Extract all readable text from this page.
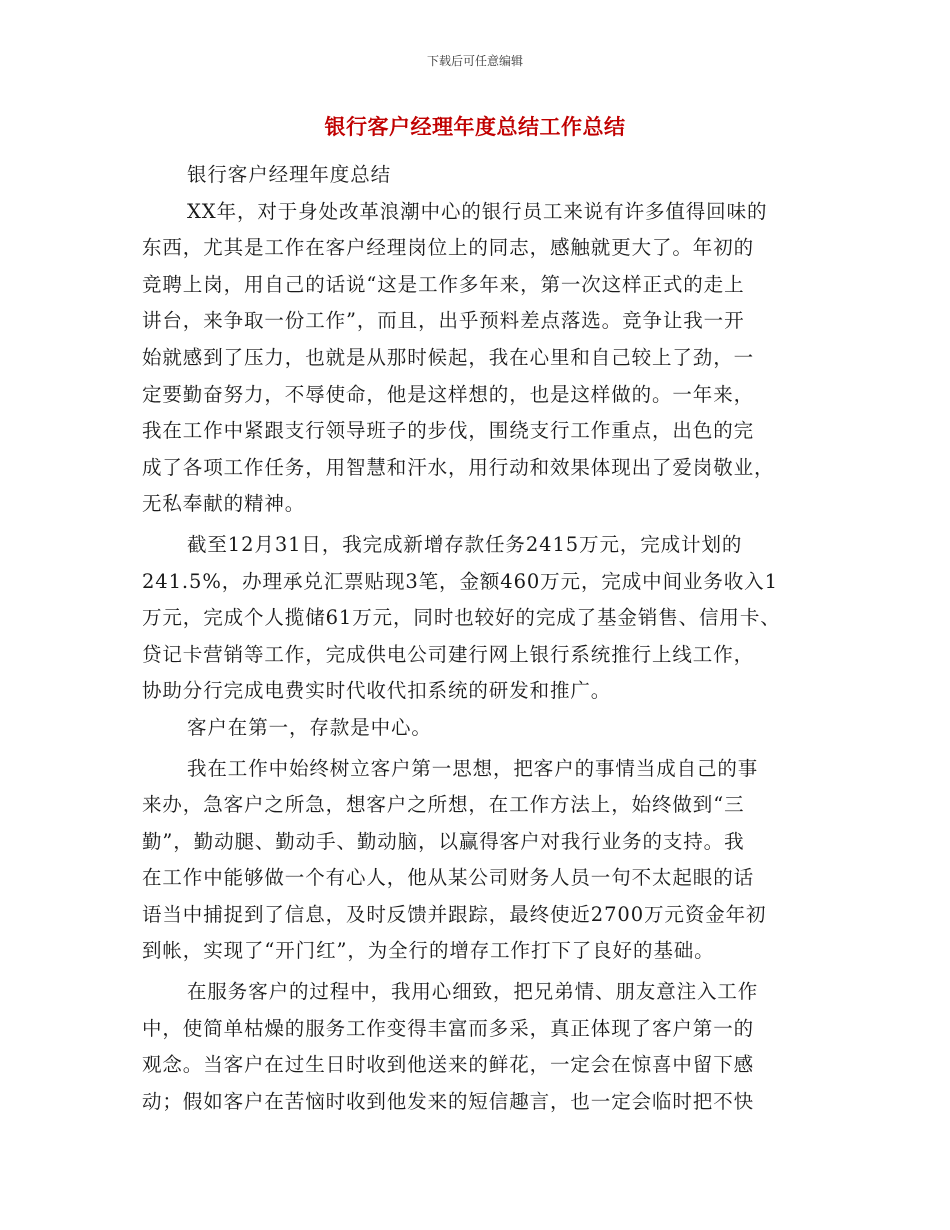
下载后可任意编辑
银行客户经理年度总结工作总结
银行客户经理年度总结
XX年，对于身处改革浪潮中心的银行员工来说有许多值得回味的
东西，尤其是工作在客户经理岗位上的同志，感触就更大了。年初的
竞聘上岗，用自己的话说“这是工作多年来，第一次这样正式的走上
讲台，来争取一份工作”，而且，出乎预料差点落选。竞争让我一开
始就感到了压力，也就是从那时候起，我在心里和自己较上了劲，一
定要勤奋努力，不辱使命，他是这样想的，也是这样做的。一年来，
我在工作中紧跟支行领导班子的步伐，围绕支行工作重点，出色的完
成了各项工作任务，用智慧和汗水，用行动和效果体现出了爱岗敬业，
无私奉献的精神。
截至12月31日，我完成新增存款任务2415万元，完成计划的
241.5%，办理承兑汇票贴现3笔，金额460万元，完成中间业务收入1
万元，完成个人揽储61万元，同时也较好的完成了基金销售、信用卡、
贷记卡营销等工作，完成供电公司建行网上银行系统推行上线工作，
协助分行完成电费实时代收代扣系统的研发和推广。
客户在第一，存款是中心。
我在工作中始终树立客户第一思想，把客户的事情当成自己的事
来办，急客户之所急，想客户之所想，在工作方法上，始终做到“三
勤”，勤动腿、勤动手、勤动脑，以赢得客户对我行业务的支持。我
在工作中能够做一个有心人，他从某公司财务人员一句不太起眼的话
语当中捕捉到了信息，及时反馈并跟踪，最终使近2700万元资金年初
到帐，实现了“开门红”，为全行的增存工作打下了良好的基础。
在服务客户的过程中，我用心细致，把兄弟情、朋友意注入工作
中，使简单枯燥的服务工作变得丰富而多采，真正体现了客户第一的
观念。当客户在过生日时收到他送来的鲜花，一定会在惊喜中留下感
动；假如客户在苦恼时收到他发来的短信趣言，也一定会临时把不快
